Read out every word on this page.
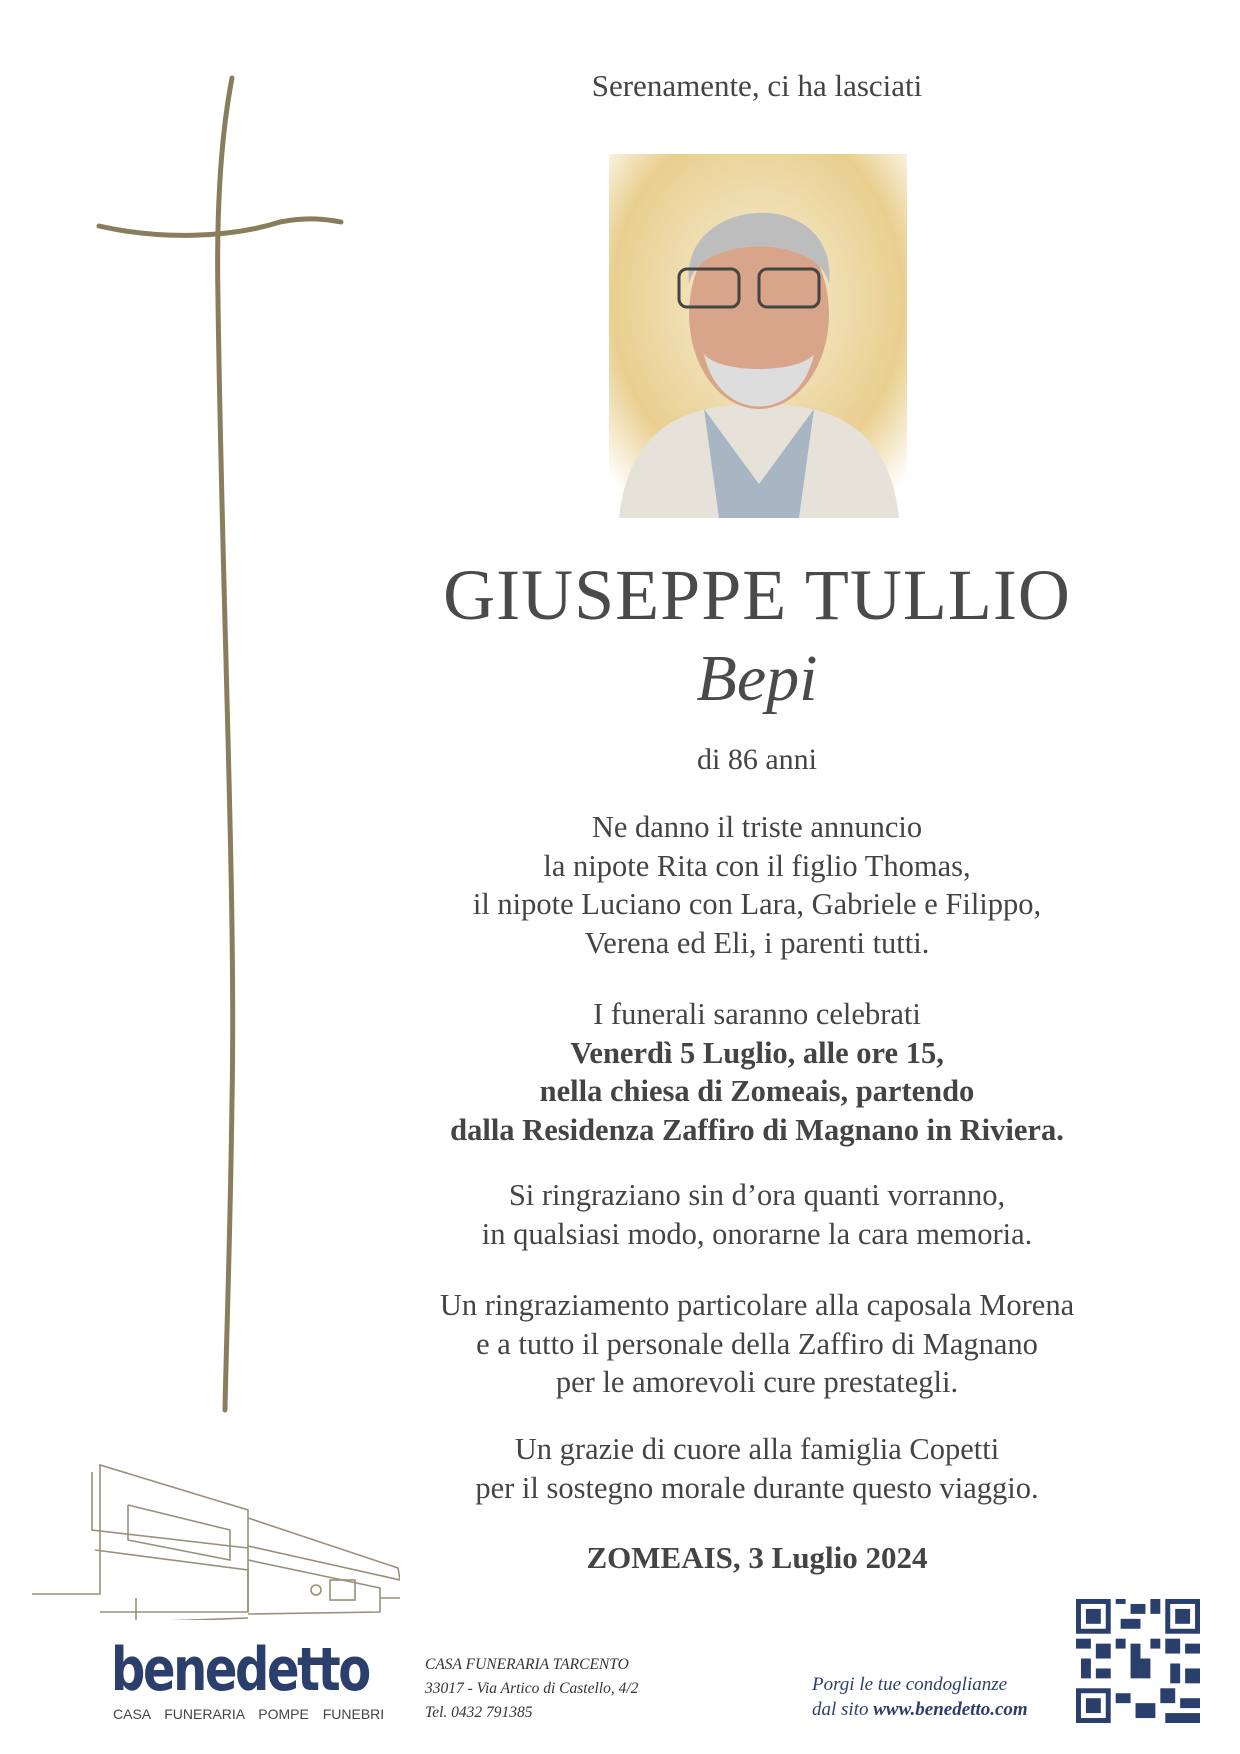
Serenamente, ci ha lasciati
GIUSEPPE TULLIO
Bepi
di 86 anni
Ne danno il triste annuncio
la nipote Rita con il figlio Thomas,
il nipote Luciano con Lara, Gabriele e Filippo,
Verena ed Eli, i parenti tutti.
I funerali saranno celebrati
Venerdì 5 Luglio, alle ore 15,
nella chiesa di Zomeais, partendo
dalla Residenza Zaffiro di Magnano in Riviera.
Si ringraziano sin d’ora quanti vorranno,
in qualsiasi modo, onorarne la cara memoria.
Un ringraziamento particolare alla caposala Morena
e a tutto il personale della Zaffiro di Magnano
per le amorevoli cure prestategli.
Un grazie di cuore alla famiglia Copetti
per il sostegno morale durante questo viaggio.
ZOMEAIS, 3 Luglio 2024
benedetto
CASA FUNERARIA POMPE FUNEBRI
CASA FUNERARIA TARCENTO
33017 - Via Artico di Castello, 4/2
Tel. 0432 791385
Porgi le tue condoglianze
dal sito www.benedetto.com
